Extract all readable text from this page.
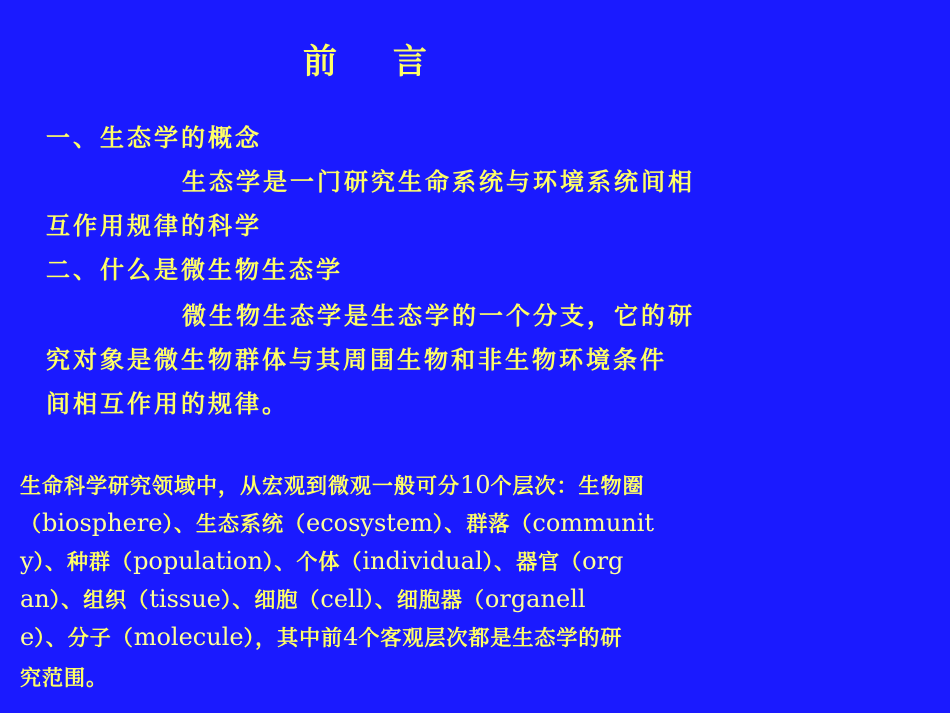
前 言
一、生态学的概念
生态学是一门研究生命系统与环境系统间相
互作用规律的科学
二、什么是微生物生态学
微生物生态学是生态学的一个分支，它的研
究对象是微生物群体与其周围生物和非生物环境条件
间相互作用的规律。
生命科学研究领域中，从宏观到微观一般可分10个层次：生物圈
（biosphere）、生态系统（ecosystem）、群落（communit
y）、种群（population）、个体（individual）、器官（org
an）、组织（tissue）、细胞（cell）、细胞器（organell
e）、分子（molecule），其中前4个客观层次都是生态学的研
究范围。
